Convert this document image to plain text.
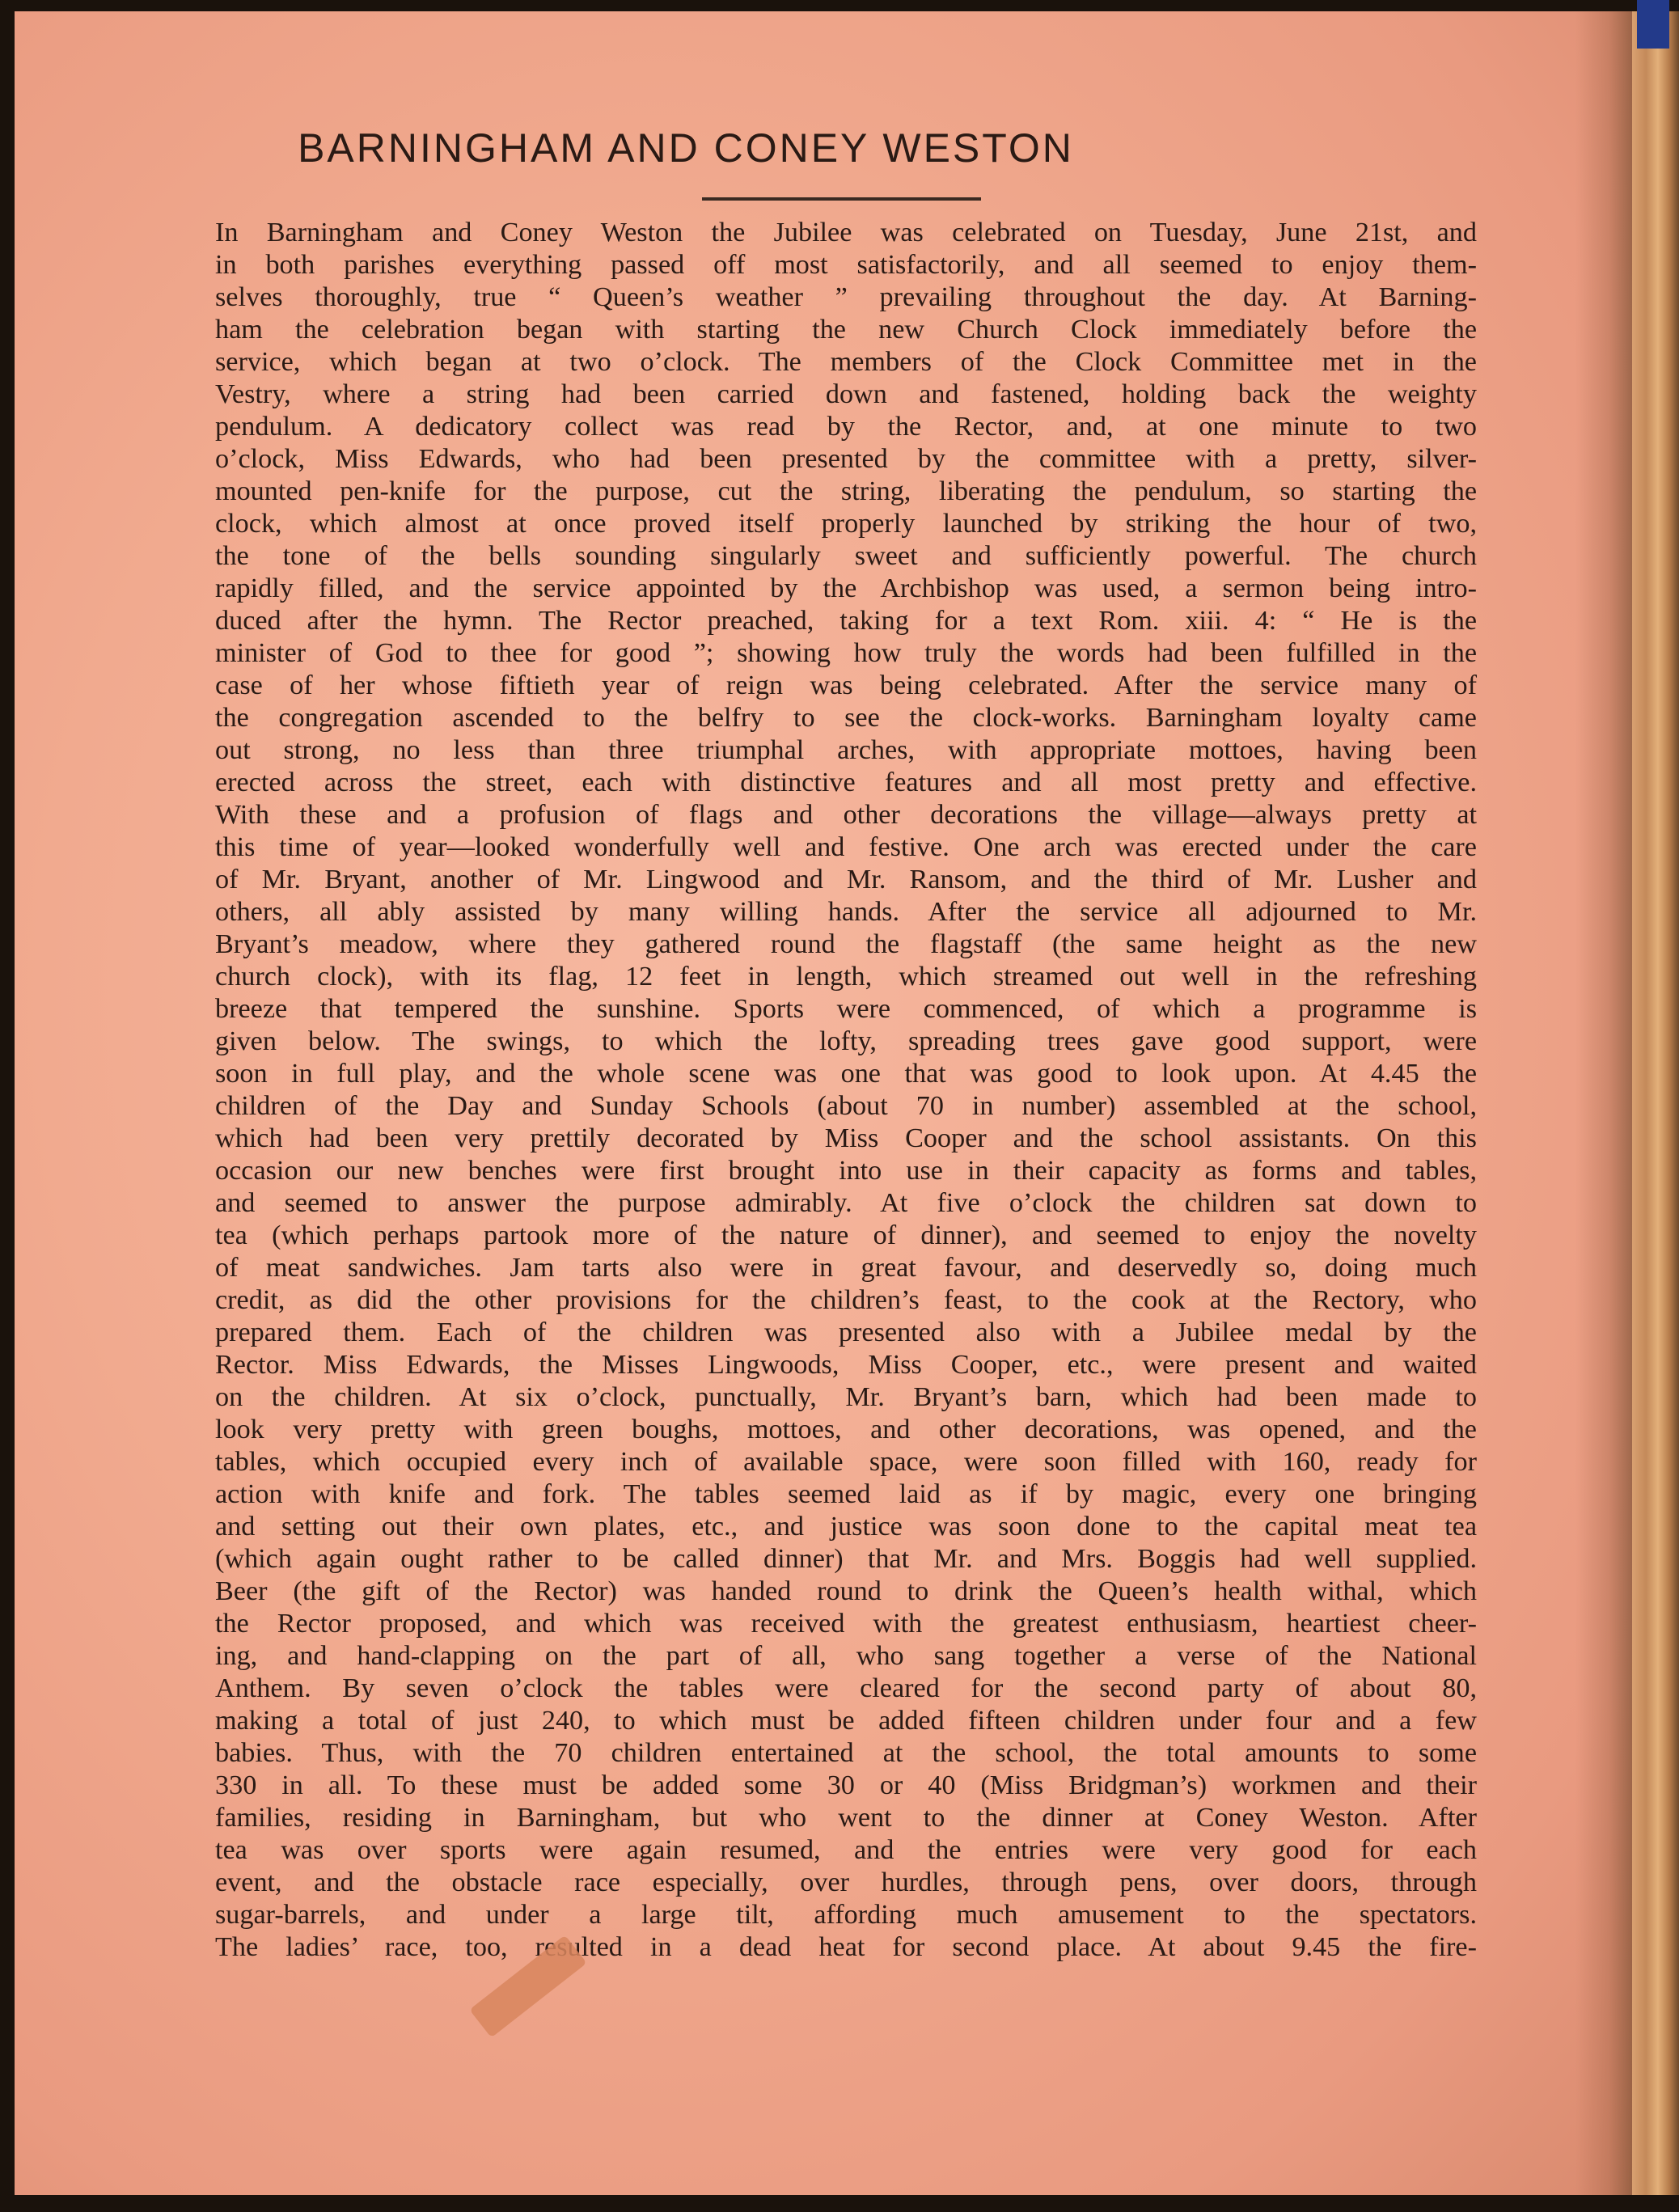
BARNINGHAM AND CONEY WESTON
In Barningham and Coney Weston the Jubilee was celebrated on Tuesday, June 21st, and
in both parishes everything passed off most satisfactorily, and all seemed to enjoy them-
selves thoroughly, true “ Queen’s weather ” prevailing throughout the day. At Barning-
ham the celebration began with starting the new Church Clock immediately before the
service, which began at two o’clock. The members of the Clock Committee met in the
Vestry, where a string had been carried down and fastened, holding back the weighty
pendulum. A dedicatory collect was read by the Rector, and, at one minute to two
o’clock, Miss Edwards, who had been presented by the committee with a pretty, silver-
mounted pen-knife for the purpose, cut the string, liberating the pendulum, so starting the
clock, which almost at once proved itself properly launched by striking the hour of two,
the tone of the bells sounding singularly sweet and sufficiently powerful. The church
rapidly filled, and the service appointed by the Archbishop was used, a sermon being intro-
duced after the hymn. The Rector preached, taking for a text Rom. xiii. 4: “ He is the
minister of God to thee for good ”; showing how truly the words had been fulfilled in the
case of her whose fiftieth year of reign was being celebrated. After the service many of
the congregation ascended to the belfry to see the clock-works. Barningham loyalty came
out strong, no less than three triumphal arches, with appropriate mottoes, having been
erected across the street, each with distinctive features and all most pretty and effective.
With these and a profusion of flags and other decorations the village—always pretty at
this time of year—looked wonderfully well and festive. One arch was erected under the care
of Mr. Bryant, another of Mr. Lingwood and Mr. Ransom, and the third of Mr. Lusher and
others, all ably assisted by many willing hands. After the service all adjourned to Mr.
Bryant’s meadow, where they gathered round the flagstaff (the same height as the new
church clock), with its flag, 12 feet in length, which streamed out well in the refreshing
breeze that tempered the sunshine. Sports were commenced, of which a programme is
given below. The swings, to which the lofty, spreading trees gave good support, were
soon in full play, and the whole scene was one that was good to look upon. At 4.45 the
children of the Day and Sunday Schools (about 70 in number) assembled at the school,
which had been very prettily decorated by Miss Cooper and the school assistants. On this
occasion our new benches were first brought into use in their capacity as forms and tables,
and seemed to answer the purpose admirably. At five o’clock the children sat down to
tea (which perhaps partook more of the nature of dinner), and seemed to enjoy the novelty
of meat sandwiches. Jam tarts also were in great favour, and deservedly so, doing much
credit, as did the other provisions for the children’s feast, to the cook at the Rectory, who
prepared them. Each of the children was presented also with a Jubilee medal by the
Rector. Miss Edwards, the Misses Lingwoods, Miss Cooper, etc., were present and waited
on the children. At six o’clock, punctually, Mr. Bryant’s barn, which had been made to
look very pretty with green boughs, mottoes, and other decorations, was opened, and the
tables, which occupied every inch of available space, were soon filled with 160, ready for
action with knife and fork. The tables seemed laid as if by magic, every one bringing
and setting out their own plates, etc., and justice was soon done to the capital meat tea
(which again ought rather to be called dinner) that Mr. and Mrs. Boggis had well supplied.
Beer (the gift of the Rector) was handed round to drink the Queen’s health withal, which
the Rector proposed, and which was received with the greatest enthusiasm, heartiest cheer-
ing, and hand-clapping on the part of all, who sang together a verse of the National
Anthem. By seven o’clock the tables were cleared for the second party of about 80,
making a total of just 240, to which must be added fifteen children under four and a few
babies. Thus, with the 70 children entertained at the school, the total amounts to some
330 in all. To these must be added some 30 or 40 (Miss Bridgman’s) workmen and their
families, residing in Barningham, but who went to the dinner at Coney Weston. After
tea was over sports were again resumed, and the entries were very good for each
event, and the obstacle race especially, over hurdles, through pens, over doors, through
sugar-barrels, and under a large tilt, affording much amusement to the spectators.
The ladies’ race, too, resulted in a dead heat for second place. At about 9.45 the fire-
